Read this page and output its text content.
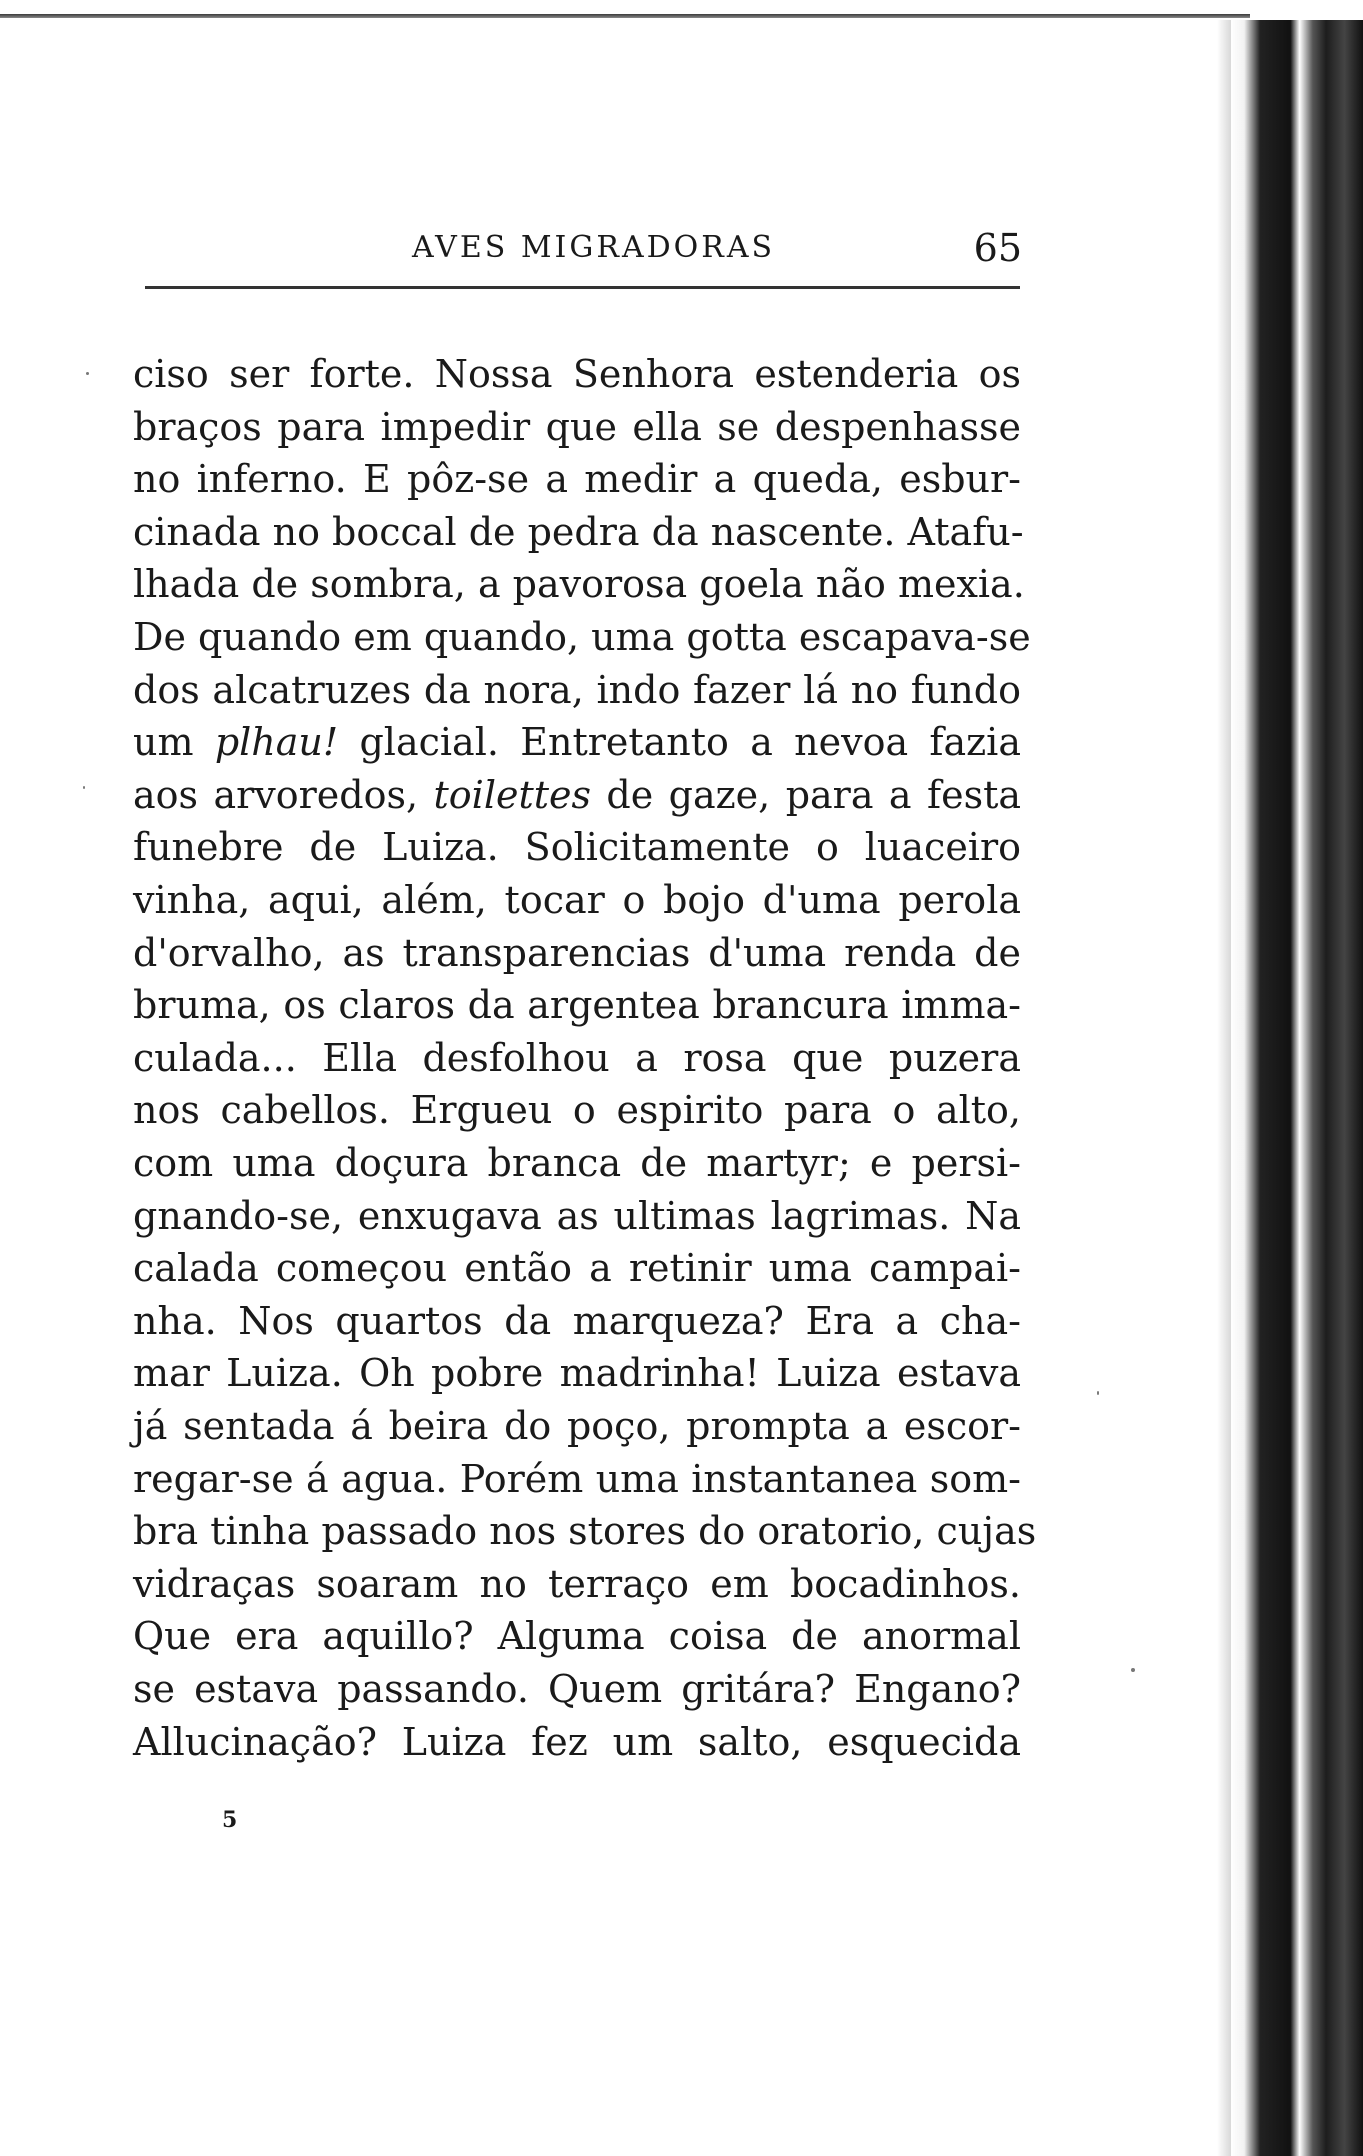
AVES MIGRADORAS	65
ciso ser forte. Nossa Senhora estenderia os
braços para impedir que ella se despenhasse
no inferno. E pôz-se a medir a queda, esbur-
cinada no boccal de pedra da nascente. Atafu-
lhada de sombra, a pavorosa goela não mexia.
De quando em quando, uma gotta escapava-se
dos alcatruzes da nora, indo fazer lá no fundo
um plhau! glacial. Entretanto a nevoa fazia
aos arvoredos, toilettes de gaze, para a festa
funebre de Luiza. Solicitamente o luaceiro
vinha, aqui, além, tocar o bojo d'uma perola
d'orvalho, as transparencias d'uma renda de
bruma, os claros da argentea brancura imma-
culada... Ella desfolhou a rosa que puzera
nos cabellos. Ergueu o espirito para o alto,
com uma doçura branca de martyr; e persi-
gnando-se, enxugava as ultimas lagrimas. Na
calada começou então a retinir uma campai-
nha. Nos quartos da marqueza? Era a cha-
mar Luiza. Oh pobre madrinha! Luiza estava
já sentada á beira do poço, prompta a escor-
regar-se á agua. Porém uma instantanea som-
bra tinha passado nos stores do oratorio, cujas
vidraças soaram no terraço em bocadinhos.
Que era aquillo? Alguma coisa de anormal
se estava passando. Quem gritára? Engano?
Allucinação? Luiza fez um salto, esquecida
5
